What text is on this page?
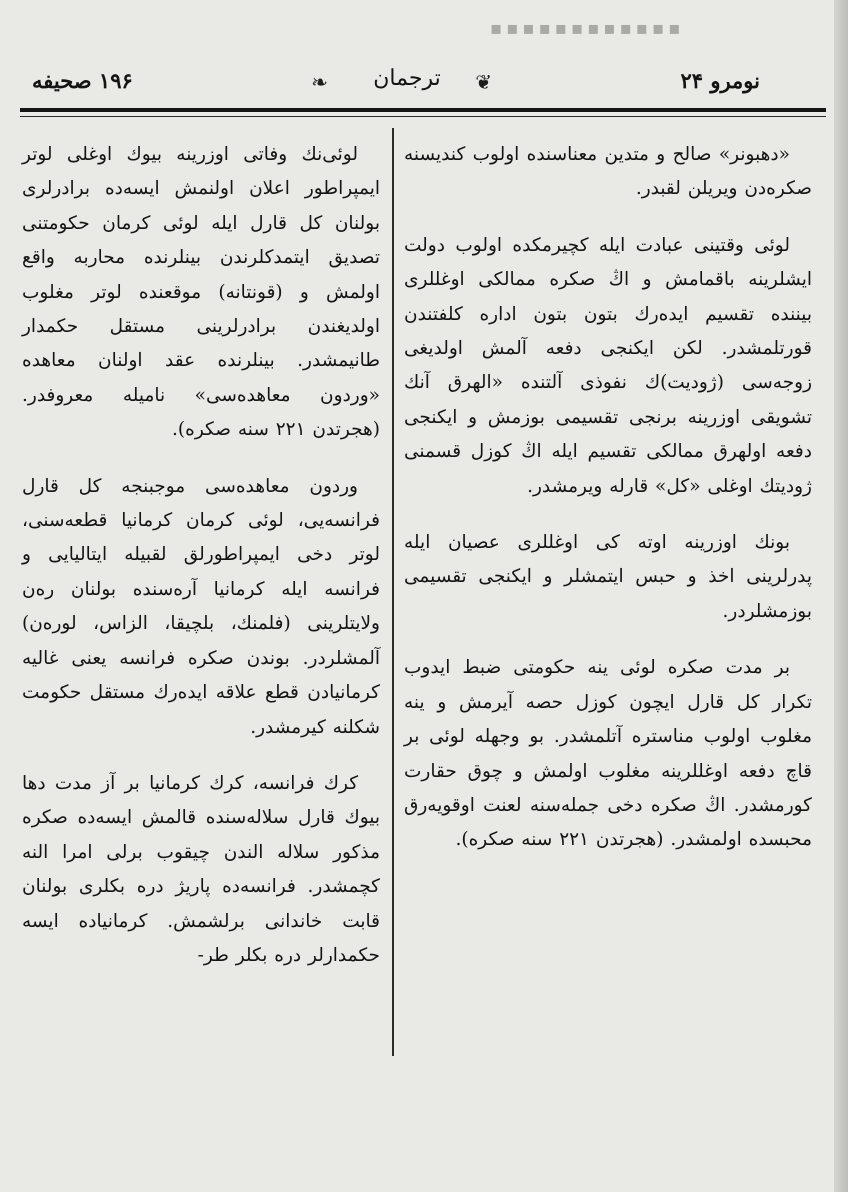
▪▪▪▪▪▪▪▪▪▪▪▪
نومرو ۲۴
❦
ترجمان
❧
۱۹۶ صحیفه

«دهبونر» صالح و متدین معناسنده اولوب کندیسنه صکره‌دن ویریلن لقبدر.

لوئی وقتینی عبادت ایله کچیرمکده اولوب دولت ایشلرینه باقمامش و اڭ صکره ممالکی اوغللری بیننده تقسیم ایده‌رك بتون بتون اداره کلفتندن قورتلمشدر. لکن ایکنجی دفعه آلمش اولدیغی زوجه‌سی (ژودیت)ك نفوذی آلتنده «الهرق آنك تشویقی اوزرینه برنجی تقسیمی بوزمش و ایکنجی دفعه اولهرق ممالکی تقسیم ایله اڭ کوزل قسمنی ژودیتك اوغلی «کل» قارله ویرمشدر.

بونك اوزرینه اوته کی اوغللری عصیان ایله پدرلرینی اخذ و حبس ایتمشلر و ایکنجی تقسیمی بوزمشلردر.

بر مدت صکره لوئی ینه حکومتی ضبط ایدوب تکرار کل قارل ایچون کوزل حصه آیرمش و ینه مغلوب اولوب مناستره آتلمشدر. بو وجهله لوئی بر قاچ دفعه اوغللرینه مغلوب اولمش و چوق حقارت کورمشدر. اڭ صکره دخی جمله‌سنه لعنت اوقویه‌رق محبسده اولمشدر. (هجرتدن ۲۲۱ سنه صکره).

لوئی‌نك وفاتی اوزرینه بیوك اوغلی لوتر ایمپراطور اعلان اولنمش ایسه‌ده برادرلری بولنان کل قارل ایله لوئی کرمان حکومتنی تصدیق ایتمدکلرندن بینلرنده محاربه واقع اولمش و (قونتانه) موقعنده لوتر مغلوب اولدیغندن برادرلرینی مستقل حکمدار طانیمشدر. بینلرنده عقد اولنان معاهده «وردون معاهده‌سی» نامیله معروفدر. (هجرتدن ۲۲۱ سنه صکره).

وردون معاهده‌سی موجبنجه کل قارل فرانسه‌یی، لوئی کرمان کرمانیا قطعه‌سنی، لوتر دخی ایمپراطورلق لقبیله ایتالیایی و فرانسه ایله کرمانیا آره‌سنده بولنان ره‌ن ولایتلرینی (فلمنك، بلچیقا، الزاس، لوره‌ن) آلمشلردر. بوندن صکره فرانسه یعنی غالیه کرمانیادن قطع علاقه ایده‌رك مستقل حکومت شکلنه کیرمشدر.

کرك فرانسه، کرك کرمانیا بر آز مدت دها بیوك قارل سلاله‌سنده قالمش ایسه‌ده صکره مذکور سلاله الندن چیقوب برلی امرا النه کچمشدر. فرانسه‌ده پاریژ دره بکلری بولنان قابت خاندانی برلشمش. کرمانیاده ایسه حکمدارلر دره بکلر طر-
